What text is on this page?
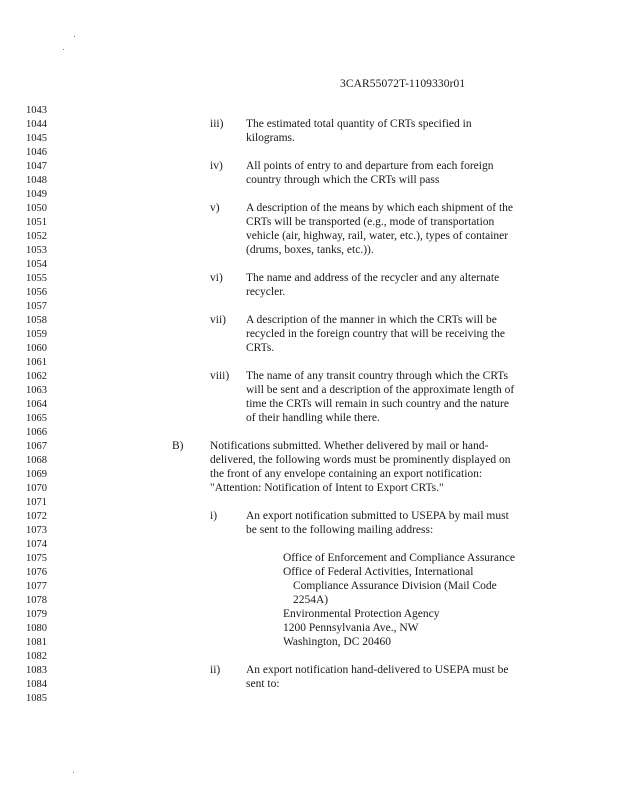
3CAR55072T-1109330r01
1043
1044
1045
1046
1047
1048
1049
1050
1051
1052
1053
1054
1055
1056
1057
1058
1059
1060
1061
1062
1063
1064
1065
1066
1067
1068
1069
1070
1071
1072
1073
1074
1075
1076
1077
1078
1079
1080
1081
1082
1083
1084
1085
iii) The estimated total quantity of CRTs specified in
kilograms.
iv) All points of entry to and departure from each foreign
country through which the CRTs will pass
v) A description of the means by which each shipment of the
CRTs will be transported (e.g., mode of transportation
vehicle (air, highway, rail, water, etc.), types of container
(drums, boxes, tanks, etc.)).
vi) The name and address of the recycler and any alternate
recycler.
vii) A description of the manner in which the CRTs will be
recycled in the foreign country that will be receiving the
CRTs.
viii) The name of any transit country through which the CRTs
will be sent and a description of the approximate length of
time the CRTs will remain in such country and the nature
of their handling while there.
B) Notifications submitted. Whether delivered by mail or hand-
delivered, the following words must be prominently displayed on
the front of any envelope containing an export notification:
"Attention: Notification of Intent to Export CRTs."
i)	An export notification submitted to USEPA by mail must
be sent to the following mailing address:
Office of Enforcement and Compliance Assurance
Office of Federal Activities, International
Compliance Assurance Division (Mail Code
2254A)
Environmental Protection Agency
1200 Pennsylvania Ave., NW
Washington, DC 20460
ii) An export notification hand-delivered to USEPA must be
sent to:
